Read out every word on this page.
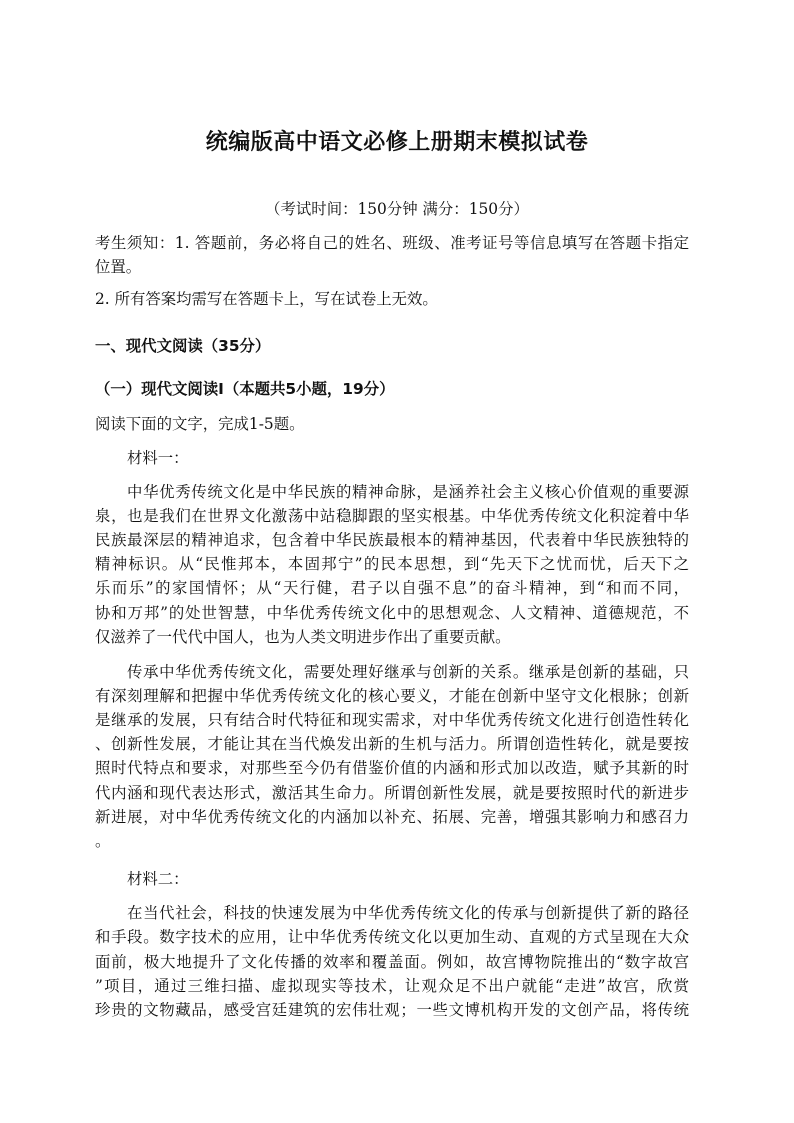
统编版高中语文必修上册期末模拟试卷
（考试时间：150分钟 满分：150分）
考生须知：1. 答题前，务必将自己的姓名、班级、准考证号等信息填写在答题卡指定
位置。
2. 所有答案均需写在答题卡上，写在试卷上无效。
一、现代文阅读（35分）
（一）现代文阅读Ⅰ（本题共5小题，19分）
阅读下面的文字，完成1-5题。
材料一：
中华优秀传统文化是中华民族的精神命脉，是涵养社会主义核心价值观的重要源
泉，也是我们在世界文化激荡中站稳脚跟的坚实根基。中华优秀传统文化积淀着中华
民族最深层的精神追求，包含着中华民族最根本的精神基因，代表着中华民族独特的
精神标识。从“民惟邦本，本固邦宁”的民本思想，到“先天下之忧而忧，后天下之
乐而乐”的家国情怀；从“天行健，君子以自强不息”的奋斗精神，到“和而不同，
协和万邦”的处世智慧，中华优秀传统文化中的思想观念、人文精神、道德规范，不
仅滋养了一代代中国人，也为人类文明进步作出了重要贡献。
传承中华优秀传统文化，需要处理好继承与创新的关系。继承是创新的基础，只
有深刻理解和把握中华优秀传统文化的核心要义，才能在创新中坚守文化根脉；创新
是继承的发展，只有结合时代特征和现实需求，对中华优秀传统文化进行创造性转化
、创新性发展，才能让其在当代焕发出新的生机与活力。所谓创造性转化，就是要按
照时代特点和要求，对那些至今仍有借鉴价值的内涵和形式加以改造，赋予其新的时
代内涵和现代表达形式，激活其生命力。所谓创新性发展，就是要按照时代的新进步
新进展，对中华优秀传统文化的内涵加以补充、拓展、完善，增强其影响力和感召力
。
材料二：
在当代社会，科技的快速发展为中华优秀传统文化的传承与创新提供了新的路径
和手段。数字技术的应用，让中华优秀传统文化以更加生动、直观的方式呈现在大众
面前，极大地提升了文化传播的效率和覆盖面。例如，故宫博物院推出的“数字故宫
”项目，通过三维扫描、虚拟现实等技术，让观众足不出户就能“走进”故宫，欣赏
珍贵的文物藏品，感受宫廷建筑的宏伟壮观；一些文博机构开发的文创产品，将传统
